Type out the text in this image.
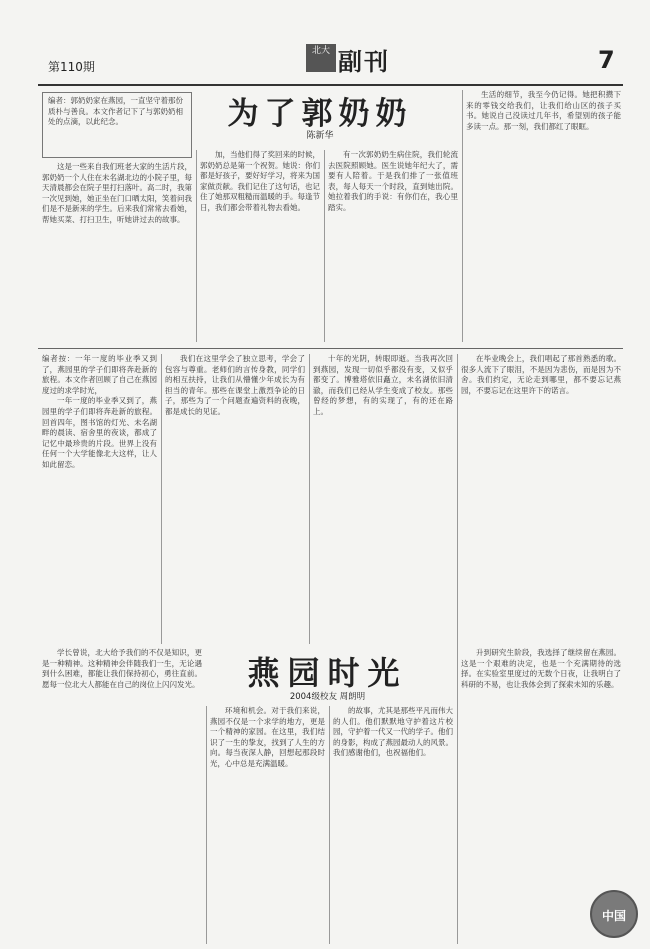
第110期
北大 副刊	7
编者：郭奶奶家在燕园，一直坚守着那份质朴与善良。本文作者记下了与郭奶奶相处的点滴，以此纪念。	为了郭奶奶
陈新华

这是一些来自我们班老大家的生活片段，郭奶奶一个人住在未名湖北边的小院子里，每天清晨都会在院子里打扫落叶。高二时，我第一次见到她，她正坐在门口晒太阳，笑着问我们是不是新来的学生。后来我们常常去看她，帮她买菜、打扫卫生，听她讲过去的故事。

加，当他们得了奖回来的时候，郭奶奶总是第一个祝贺。她说：你们都是好孩子，要好好学习，将来为国家做贡献。我们记住了这句话，也记住了她那双粗糙而温暖的手。每逢节日，我们都会带着礼物去看她。

有一次郭奶奶生病住院，我们轮流去医院照顾她。医生说她年纪大了，需要有人陪着。于是我们排了一张值班表，每人每天一个时段，直到她出院。她拉着我们的手说：有你们在，我心里踏实。

生活的细节，我至今仍记得。她把积攒下来的零钱交给我们，让我们给山区的孩子买书。她说自己没读过几年书，希望别的孩子能多读一点。那一刻，我们都红了眼眶。

编者按：一年一度的毕业季又到了，燕园里的学子们即将奔赴新的旅程。本文作者回顾了自己在燕园度过的求学时光，

一年一度的毕业季又到了，燕园里的学子们即将奔赴新的旅程。回首四年，图书馆的灯光、未名湖畔的晨读、宿舍里的夜谈，都成了记忆中最珍贵的片段。世界上没有任何一个大学能像北大这样，让人如此留恋。

我们在这里学会了独立思考，学会了包容与尊重。老师们的言传身教，同学们的相互扶持，让我们从懵懂少年成长为有担当的青年。那些在课堂上激烈争论的日子，那些为了一个问题查遍资料的夜晚，都是成长的见证。

十年的光阴，转眼即逝。当我再次回到燕园，发现一切似乎都没有变，又似乎都变了。博雅塔依旧矗立，未名湖依旧清澈，而我们已经从学生变成了校友。那些曾经的梦想，有的实现了，有的还在路上。

在毕业晚会上，我们唱起了那首熟悉的歌。很多人流下了眼泪，不是因为悲伤，而是因为不舍。我们约定，无论走到哪里，都不要忘记燕园，不要忘记在这里许下的诺言。

燕园时光
2004级校友 周朗明

学长曾说，北大给予我们的不仅是知识，更是一种精神。这种精神会伴随我们一生，无论遇到什么困难，都能让我们保持初心，勇往直前。愿每一位北大人都能在自己的岗位上闪闪发光。

环境和机会。对于我们来说，燕园不仅是一个求学的地方，更是一个精神的家园。在这里，我们结识了一生的挚友，找到了人生的方向。每当夜深人静，回想起那段时光，心中总是充满温暖。

的故事，尤其是那些平凡而伟大的人们。他们默默地守护着这片校园，守护着一代又一代的学子。他们的身影，构成了燕园最动人的风景。我们感谢他们，也祝福他们。

升到研究生阶段，我选择了继续留在燕园。这是一个艰难的决定，也是一个充满期待的选择。在实验室里度过的无数个日夜，让我明白了科研的不易，也让我体会到了探索未知的乐趣。

中国
